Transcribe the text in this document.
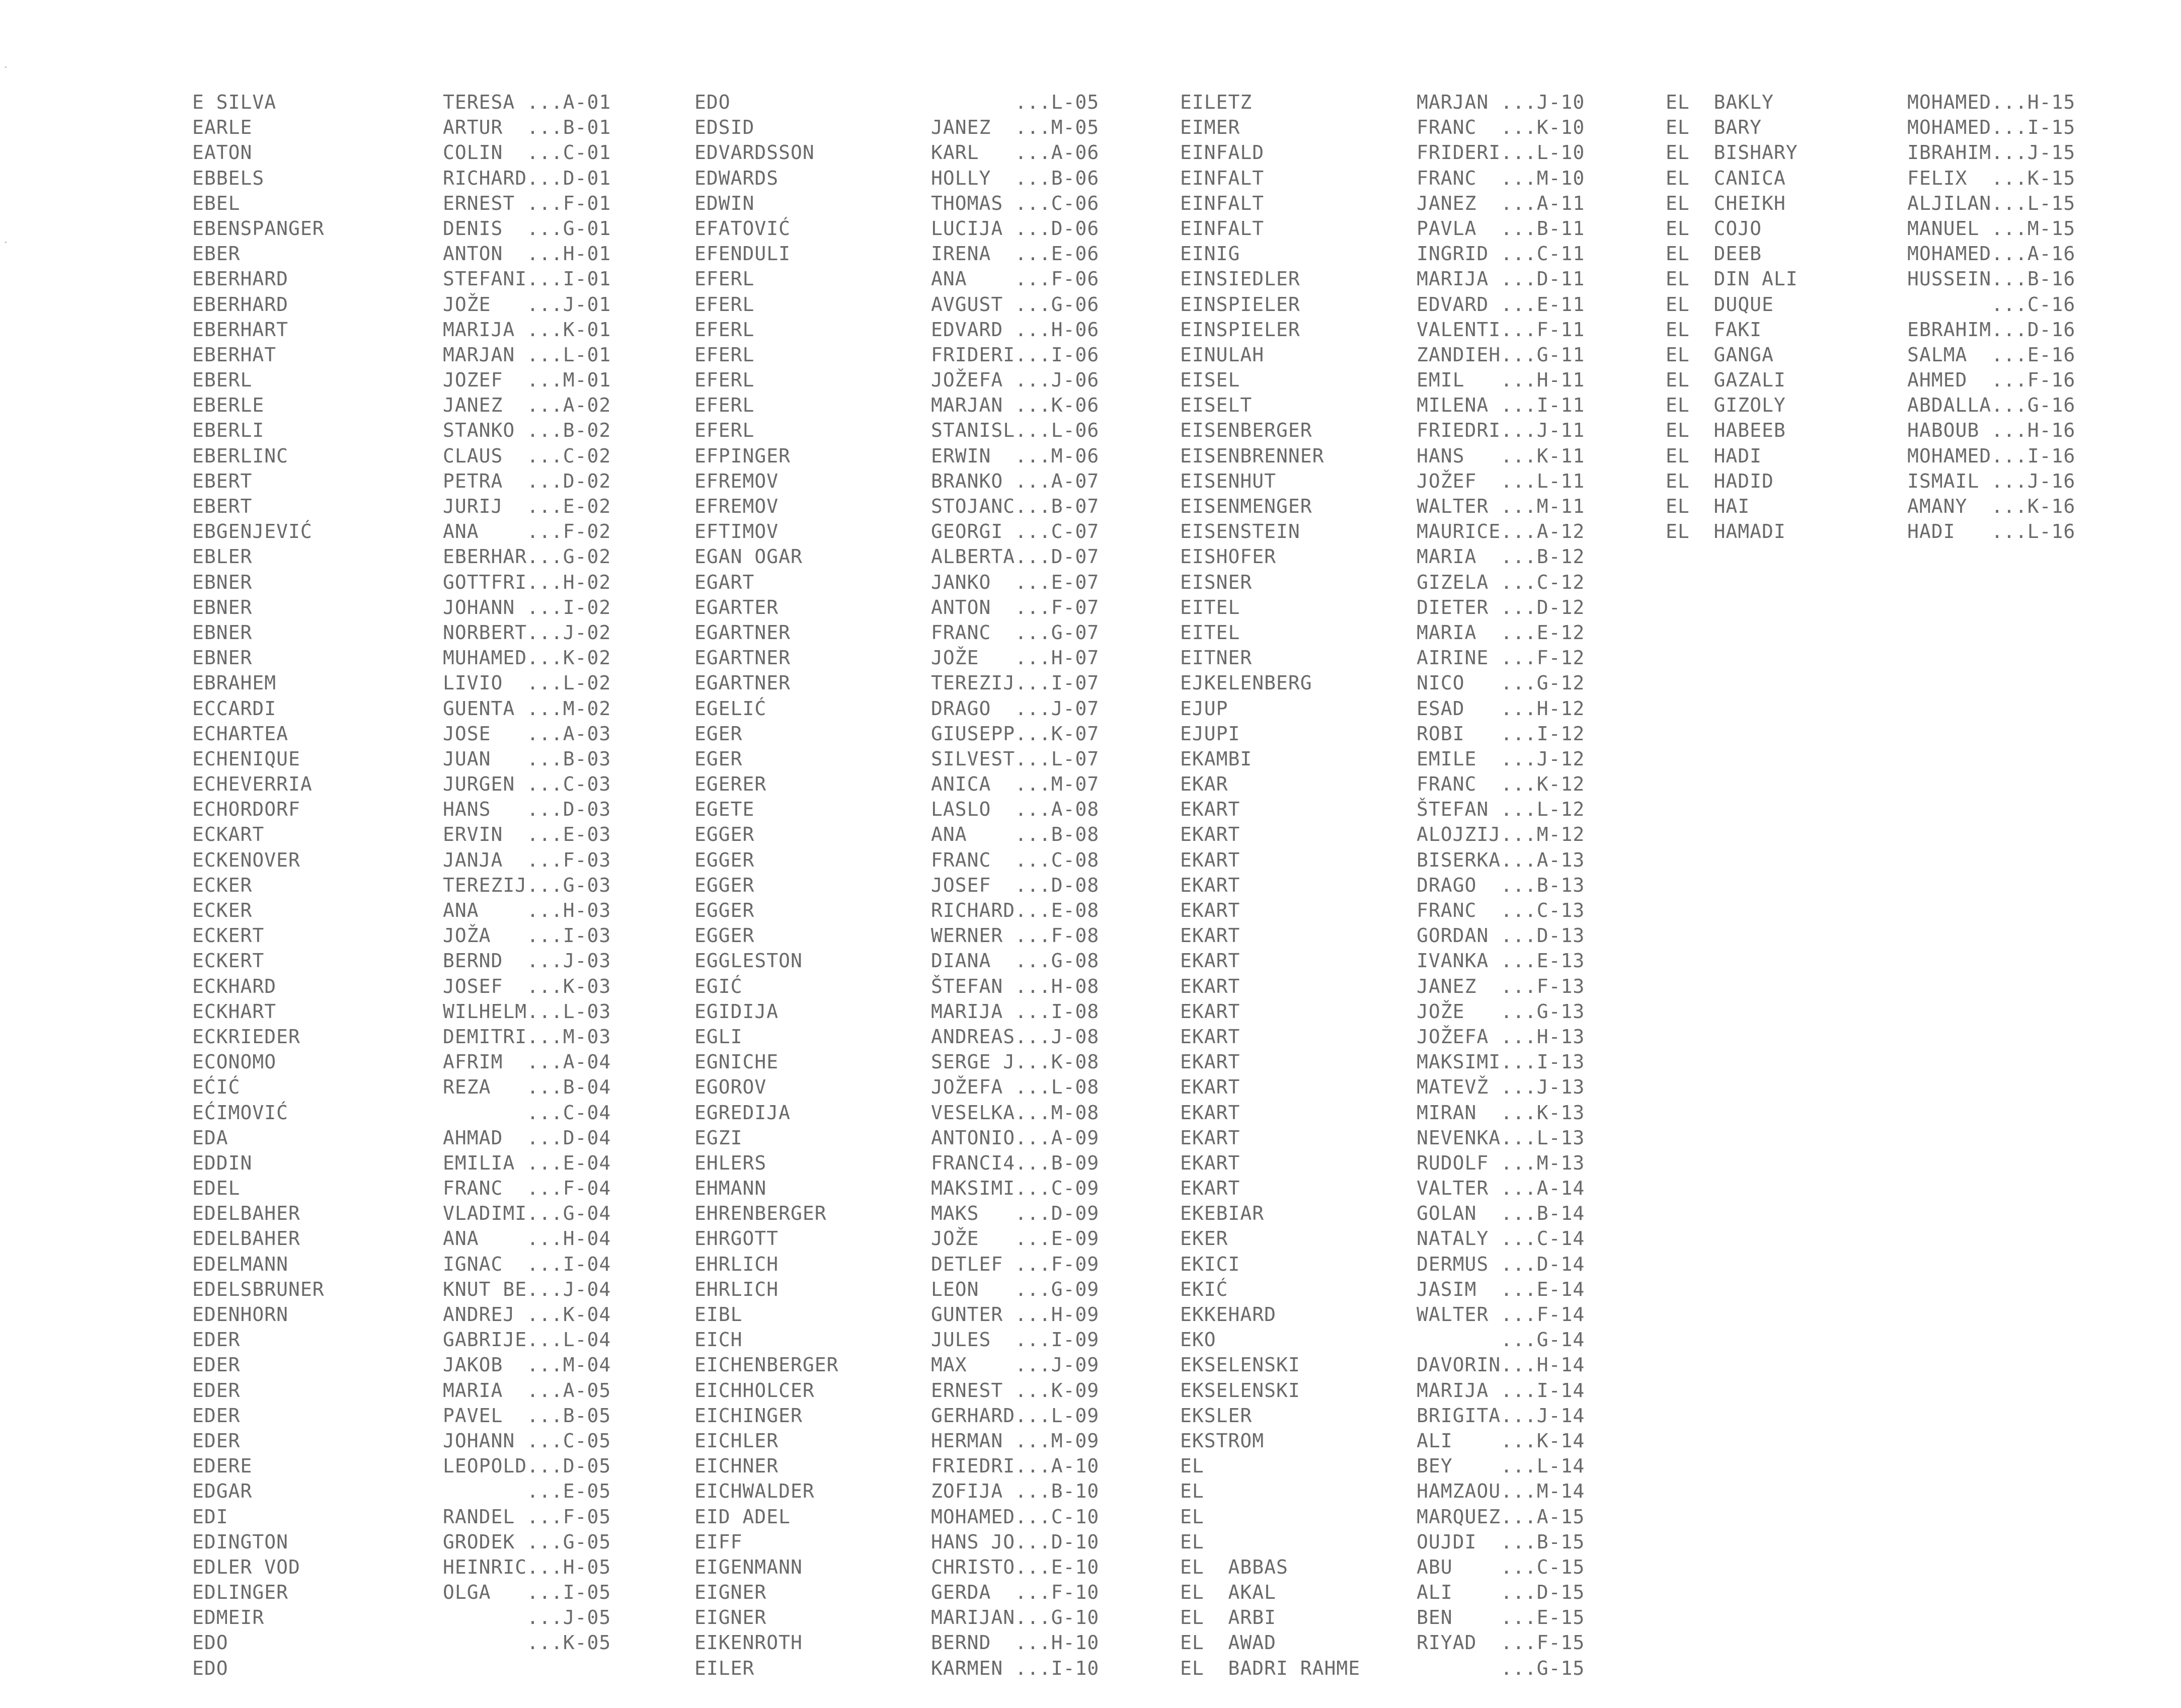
E SILVA
EARLE
EATON
EBBELS
EBEL
EBENSPANGER
EBER
EBERHARD
EBERHARD
EBERHART
EBERHAT
EBERL
EBERLE
EBERLI
EBERLINC
EBERT
EBERT
EBGENJEVIĆ
EBLER
EBNER
EBNER
EBNER
EBNER
EBRAHEM
ECCARDI
ECHARTEA
ECHENIQUE
ECHEVERRIA
ECHORDORF
ECKART
ECKENOVER
ECKER
ECKER
ECKERT
ECKERT
ECKHARD
ECKHART
ECKRIEDER
ECONOMO
EĆIĆ
EĆIMOVIĆ
EDA
EDDIN
EDEL
EDELBAHER
EDELBAHER
EDELMANN
EDELSBRUNER
EDENHORN
EDER
EDER
EDER
EDER
EDER
EDERE
EDGAR
EDI
EDINGTON
EDLER VOD
EDLINGER
EDMEIR
EDO
EDO
TERESA ...A-01
ARTUR  ...B-01
COLIN  ...C-01
RICHARD...D-01
ERNEST ...F-01
DENIS  ...G-01
ANTON  ...H-01
STEFANI...I-01
JOŽE   ...J-01
MARIJA ...K-01
MARJAN ...L-01
JOZEF  ...M-01
JANEZ  ...A-02
STANKO ...B-02
CLAUS  ...C-02
PETRA  ...D-02
JURIJ  ...E-02
ANA    ...F-02
EBERHAR...G-02
GOTTFRI...H-02
JOHANN ...I-02
NORBERT...J-02
MUHAMED...K-02
LIVIO  ...L-02
GUENTA ...M-02
JOSE   ...A-03
JUAN   ...B-03
JURGEN ...C-03
HANS   ...D-03
ERVIN  ...E-03
JANJA  ...F-03
TEREZIJ...G-03
ANA    ...H-03
JOŽA   ...I-03
BERND  ...J-03
JOSEF  ...K-03
WILHELM...L-03
DEMITRI...M-03
AFRIM  ...A-04
REZA   ...B-04
...C-04
AHMAD  ...D-04
EMILIA ...E-04
FRANC  ...F-04
VLADIMI...G-04
ANA    ...H-04
IGNAC  ...I-04
KNUT BE...J-04
ANDREJ ...K-04
GABRIJE...L-04
JAKOB  ...M-04
MARIA  ...A-05
PAVEL  ...B-05
JOHANN ...C-05
LEOPOLD...D-05
...E-05
RANDEL ...F-05
GRODEK ...G-05
HEINRIC...H-05
OLGA   ...I-05
...J-05
...K-05
EDO
EDSID
EDVARDSSON
EDWARDS
EDWIN
EFATOVIĆ
EFENDULI
EFERL
EFERL
EFERL
EFERL
EFERL
EFERL
EFERL
EFPINGER
EFREMOV
EFREMOV
EFTIMOV
EGAN OGAR
EGART
EGARTER
EGARTNER
EGARTNER
EGARTNER
EGELIĆ
EGER
EGER
EGERER
EGETE
EGGER
EGGER
EGGER
EGGER
EGGER
EGGLESTON
EGIĆ
EGIDIJA
EGLI
EGNICHE
EGOROV
EGREDIJA
EGZI
EHLERS
EHMANN
EHRENBERGER
EHRGOTT
EHRLICH
EHRLICH
EIBL
EICH
EICHENBERGER
EICHHOLCER
EICHINGER
EICHLER
EICHNER
EICHWALDER
EID ADEL
EIFF
EIGENMANN
EIGNER
EIGNER
EIKENROTH
EILER
...L-05
JANEZ  ...M-05
KARL   ...A-06
HOLLY  ...B-06
THOMAS ...C-06
LUCIJA ...D-06
IRENA  ...E-06
ANA    ...F-06
AVGUST ...G-06
EDVARD ...H-06
FRIDERI...I-06
JOŽEFA ...J-06
MARJAN ...K-06
STANISL...L-06
ERWIN  ...M-06
BRANKO ...A-07
STOJANC...B-07
GEORGI ...C-07
ALBERTA...D-07
JANKO  ...E-07
ANTON  ...F-07
FRANC  ...G-07
JOŽE   ...H-07
TEREZIJ...I-07
DRAGO  ...J-07
GIUSEPP...K-07
SILVEST...L-07
ANICA  ...M-07
LASLO  ...A-08
ANA    ...B-08
FRANC  ...C-08
JOSEF  ...D-08
RICHARD...E-08
WERNER ...F-08
DIANA  ...G-08
ŠTEFAN ...H-08
MARIJA ...I-08
ANDREAS...J-08
SERGE J...K-08
JOŽEFA ...L-08
VESELKA...M-08
ANTONIO...A-09
FRANCI4...B-09
MAKSIMI...C-09
MAKS   ...D-09
JOŽE   ...E-09
DETLEF ...F-09
LEON   ...G-09
GUNTER ...H-09
JULES  ...I-09
MAX    ...J-09
ERNEST ...K-09
GERHARD...L-09
HERMAN ...M-09
FRIEDRI...A-10
ZOFIJA ...B-10
MOHAMED...C-10
HANS JO...D-10
CHRISTO...E-10
GERDA  ...F-10
MARIJAN...G-10
BERND  ...H-10
KARMEN ...I-10
EILETZ
EIMER
EINFALD
EINFALT
EINFALT
EINFALT
EINIG
EINSIEDLER
EINSPIELER
EINSPIELER
EINULAH
EISEL
EISELT
EISENBERGER
EISENBRENNER
EISENHUT
EISENMENGER
EISENSTEIN
EISHOFER
EISNER
EITEL
EITEL
EITNER
EJKELENBERG
EJUP
EJUPI
EKAMBI
EKAR
EKART
EKART
EKART
EKART
EKART
EKART
EKART
EKART
EKART
EKART
EKART
EKART
EKART
EKART
EKART
EKART
EKEBIAR
EKER
EKICI
EKIĆ
EKKEHARD
EKO
EKSELENSKI
EKSELENSKI
EKSLER
EKSTROM
EL
EL
EL
EL
EL  ABBAS
EL  AKAL
EL  ARBI
EL  AWAD
EL  BADRI RAHME
MARJAN ...J-10
FRANC  ...K-10
FRIDERI...L-10
FRANC  ...M-10
JANEZ  ...A-11
PAVLA  ...B-11
INGRID ...C-11
MARIJA ...D-11
EDVARD ...E-11
VALENTI...F-11
ZANDIEH...G-11
EMIL   ...H-11
MILENA ...I-11
FRIEDRI...J-11
HANS   ...K-11
JOŽEF  ...L-11
WALTER ...M-11
MAURICE...A-12
MARIA  ...B-12
GIZELA ...C-12
DIETER ...D-12
MARIA  ...E-12
AIRINE ...F-12
NICO   ...G-12
ESAD   ...H-12
ROBI   ...I-12
EMILE  ...J-12
FRANC  ...K-12
ŠTEFAN ...L-12
ALOJZIJ...M-12
BISERKA...A-13
DRAGO  ...B-13
FRANC  ...C-13
GORDAN ...D-13
IVANKA ...E-13
JANEZ  ...F-13
JOŽE   ...G-13
JOŽEFA ...H-13
MAKSIMI...I-13
MATEVŽ ...J-13
MIRAN  ...K-13
NEVENKA...L-13
RUDOLF ...M-13
VALTER ...A-14
GOLAN  ...B-14
NATALY ...C-14
DERMUS ...D-14
JASIM  ...E-14
WALTER ...F-14
...G-14
DAVORIN...H-14
MARIJA ...I-14
BRIGITA...J-14
ALI    ...K-14
BEY    ...L-14
HAMZAOU...M-14
MARQUEZ...A-15
OUJDI  ...B-15
ABU    ...C-15
ALI    ...D-15
BEN    ...E-15
RIYAD  ...F-15
...G-15
EL  BAKLY
EL  BARY
EL  BISHARY
EL  CANICA
EL  CHEIKH
EL  COJO
EL  DEEB
EL  DIN ALI
EL  DUQUE
EL  FAKI
EL  GANGA
EL  GAZALI
EL  GIZOLY
EL  HABEEB
EL  HADI
EL  HADID
EL  HAI
EL  HAMADI
MOHAMED...H-15
MOHAMED...I-15
IBRAHIM...J-15
FELIX  ...K-15
ALJILAN...L-15
MANUEL ...M-15
MOHAMED...A-16
HUSSEIN...B-16
...C-16
EBRAHIM...D-16
SALMA  ...E-16
AHMED  ...F-16
ABDALLA...G-16
HABOUB ...H-16
MOHAMED...I-16
ISMAIL ...J-16
AMANY  ...K-16
HADI   ...L-16
